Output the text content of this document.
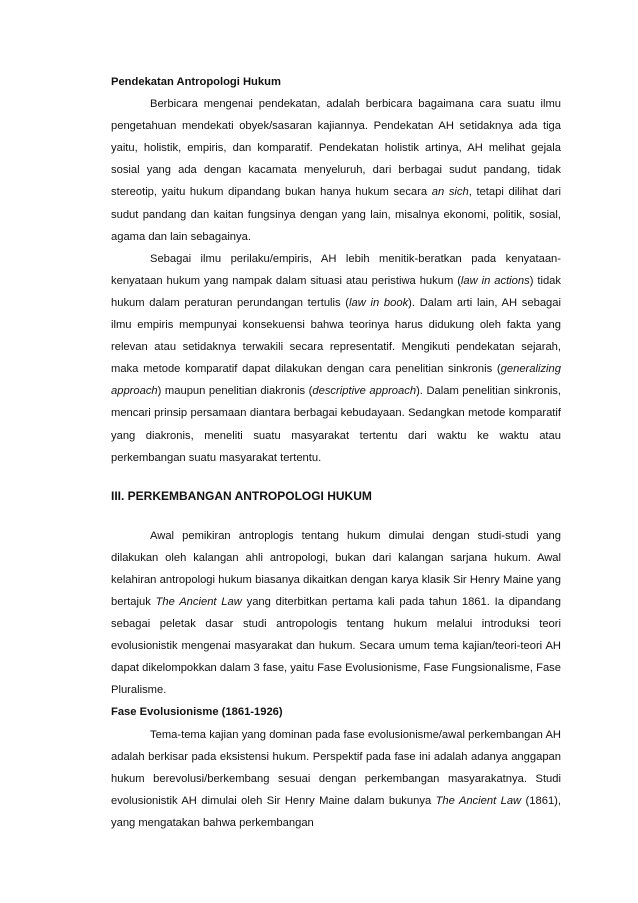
Pendekatan Antropologi Hukum

Berbicara mengenai pendekatan, adalah berbicara bagaimana cara suatu ilmu pengetahuan mendekati obyek/sasaran kajiannya. Pendekatan AH setidaknya ada tiga yaitu, holistik, empiris, dan komparatif. Pendekatan holistik artinya, AH melihat gejala sosial yang ada dengan kacamata menyeluruh, dari berbagai sudut pandang, tidak stereotip, yaitu hukum dipandang bukan hanya hukum secara an sich, tetapi dilihat dari sudut pandang dan kaitan fungsinya dengan yang lain, misalnya ekonomi, politik, sosial, agama dan lain sebagainya.

Sebagai ilmu perilaku/empiris, AH lebih menitik-beratkan pada kenyataan-kenyataan hukum yang nampak dalam situasi atau peristiwa hukum (law in actions) tidak hukum dalam peraturan perundangan tertulis (law in book). Dalam arti lain, AH sebagai ilmu empiris mempunyai konsekuensi bahwa teorinya harus didukung oleh fakta yang relevan atau setidaknya terwakili secara representatif. Mengikuti pendekatan sejarah, maka metode komparatif dapat dilakukan dengan cara penelitian sinkronis (generalizing approach) maupun penelitian diakronis (descriptive approach). Dalam penelitian sinkronis, mencari prinsip persamaan diantara berbagai kebudayaan. Sedangkan metode komparatif yang diakronis, meneliti suatu masyarakat tertentu dari waktu ke waktu atau perkembangan suatu masyarakat tertentu.

III. PERKEMBANGAN ANTROPOLOGI HUKUM

Awal pemikiran antroplogis tentang hukum dimulai dengan studi-studi yang dilakukan oleh kalangan ahli antropologi, bukan dari kalangan sarjana hukum. Awal kelahiran antropologi hukum biasanya dikaitkan dengan karya klasik Sir Henry Maine yang bertajuk The Ancient Law yang diterbitkan pertama kali pada tahun 1861. Ia dipandang sebagai peletak dasar studi antropologis tentang hukum melalui introduksi teori evolusionistik mengenai masyarakat dan hukum. Secara umum tema kajian/teori-teori AH dapat dikelompokkan dalam 3 fase, yaitu Fase Evolusionisme, Fase Fungsionalisme, Fase Pluralisme.

Fase Evolusionisme (1861-1926)

Tema-tema kajian yang dominan pada fase evolusionisme/awal perkembangan AH adalah berkisar pada eksistensi hukum. Perspektif pada fase ini adalah adanya anggapan hukum berevolusi/berkembang sesuai dengan perkembangan masyarakatnya. Studi evolusionistik AH dimulai oleh Sir Henry Maine dalam bukunya The Ancient Law (1861), yang mengatakan bahwa perkembangan
